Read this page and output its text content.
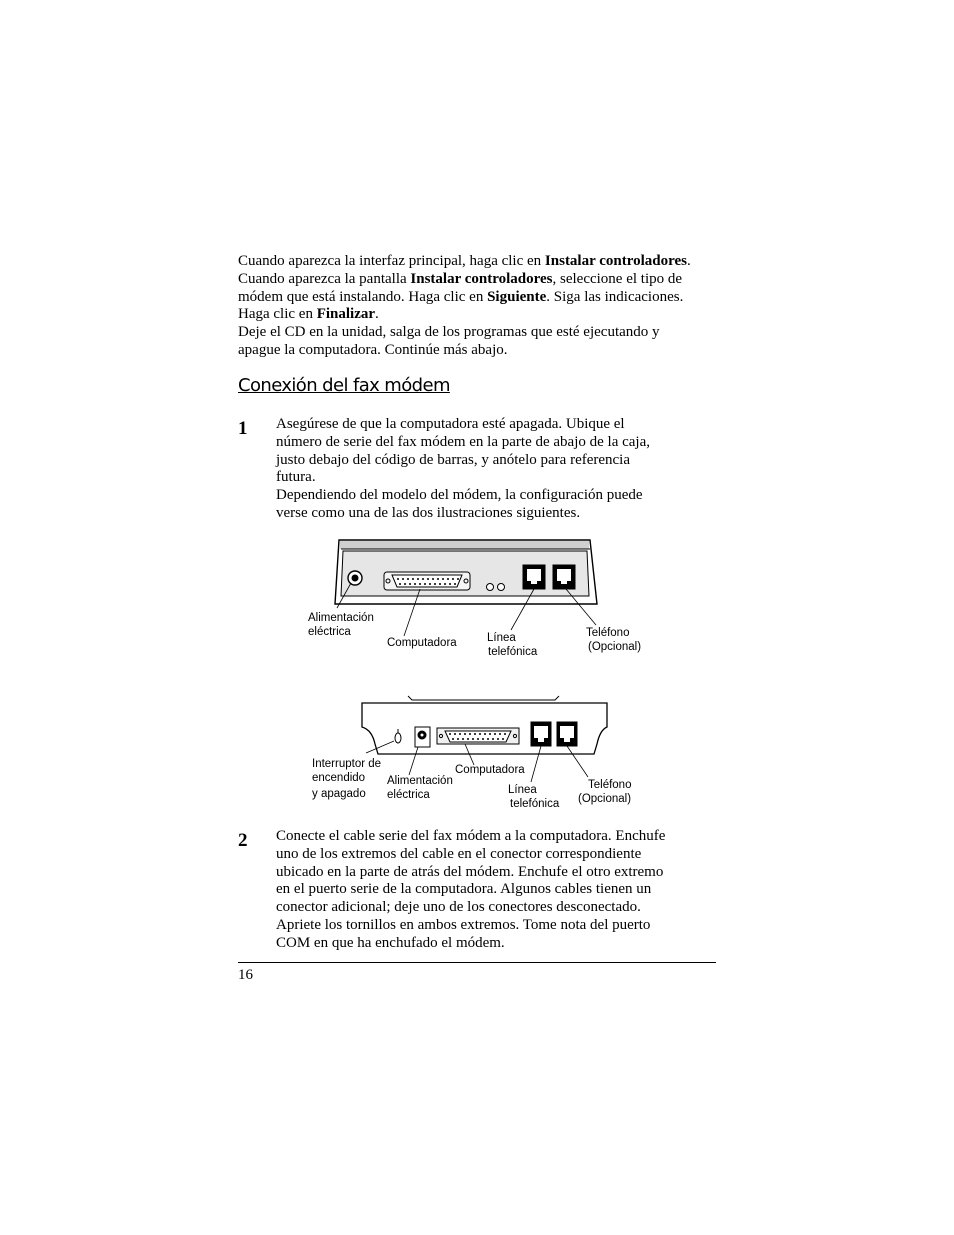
Cuando aparezca la interfaz principal, haga clic en Instalar controladores.

Cuando aparezca la pantalla Instalar controladores, seleccione el tipo de

módem que está instalando. Haga clic en Siguiente. Siga las indicaciones.

Haga clic en Finalizar.

Deje el CD en la unidad, salga de los programas que esté ejecutando y

apague la computadora. Continúe más abajo.

Conexión del fax módem
1 Asegúrese de que la computadora esté apagada. Ubique el

número de serie del fax módem en la parte de abajo de la caja,

justo debajo del código de barras, y anótelo para referencia

futura.

Dependiendo del modelo del módem, la configuración puede

verse como una de las dos ilustraciones siguientes.

Alimentación
eléctrica
Computadora	Línea
telefónica
Teléfono
(Opcional)
Interruptor de
encendido
y apagado
Alimentación
eléctrica
Computadora
Línea
telefónica
Teléfono
(Opcional)
2 Conecte el cable serie del fax módem a la computadora. Enchufe

uno de los extremos del cable en el conector correspondiente

ubicado en la parte de atrás del módem. Enchufe el otro extremo

en el puerto serie de la computadora. Algunos cables tienen un

conector adicional; deje uno de los conectores desconectado.

Apriete los tornillos en ambos extremos. Tome nota del puerto

COM en que ha enchufado el módem.

16
